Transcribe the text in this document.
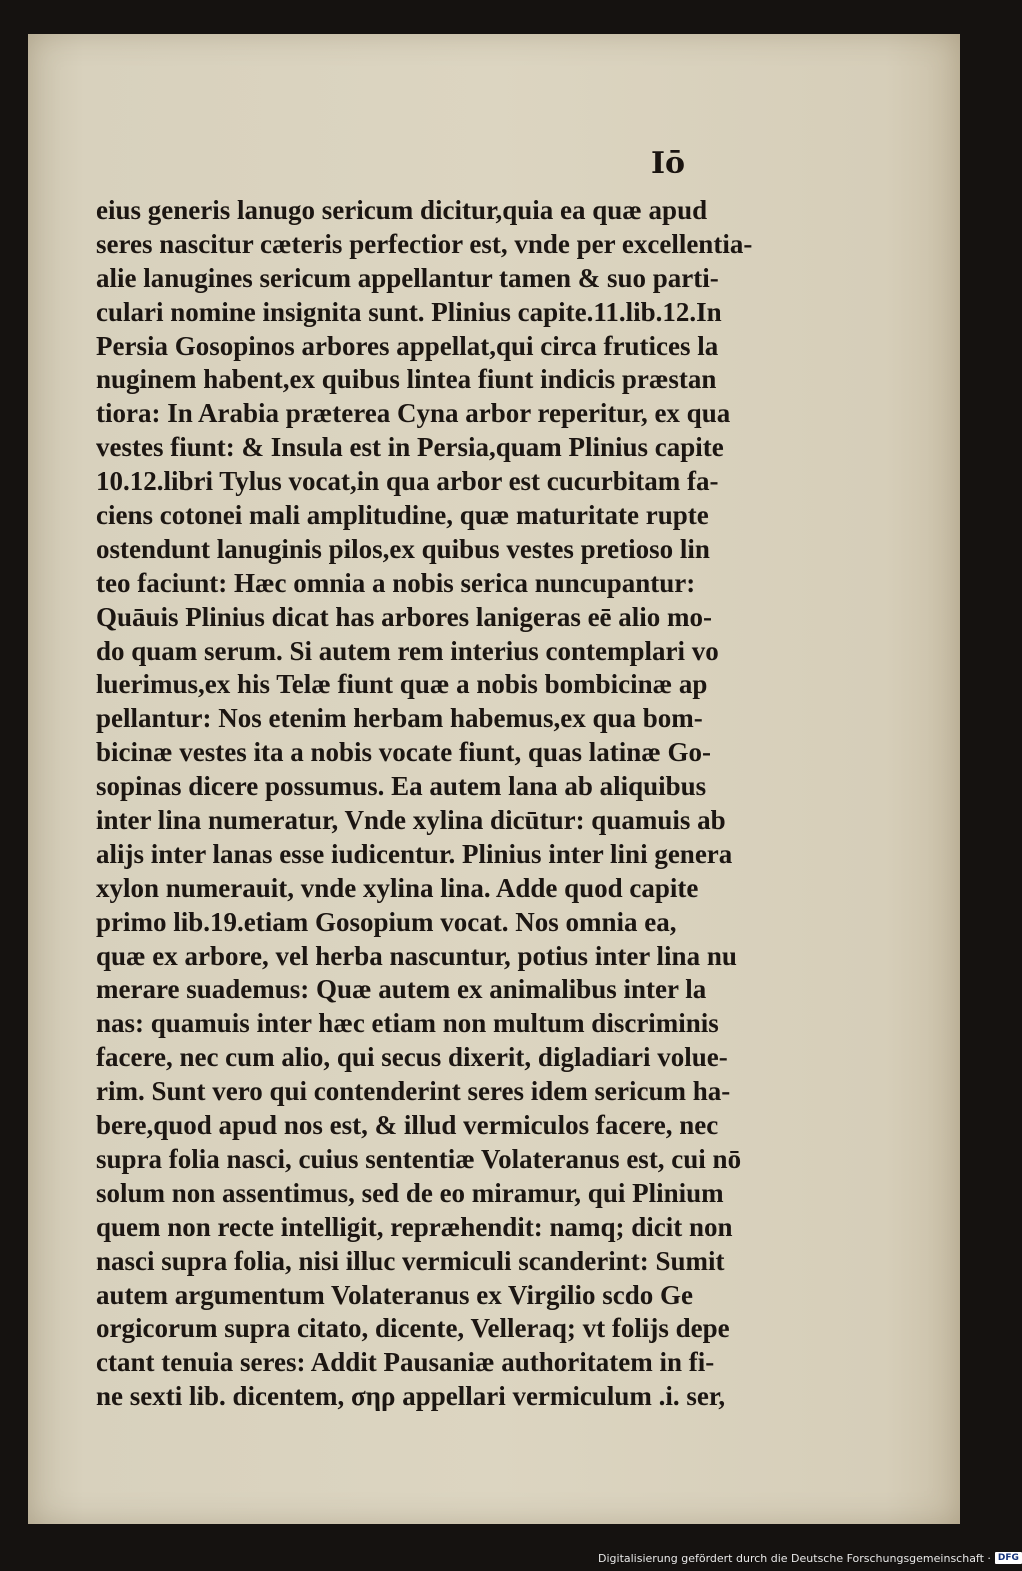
Iō
eius generis lanugo sericum dicitur,quia ea quæ apud
seres nascitur cæteris perfectior est, vnde per excellentia-
alie lanugines sericum appellantur tamen & suo parti-
culari nomine insignita sunt. Plinius capite.11.lib.12.In
Persia Gosopinos arbores appellat,qui circa frutices la
nuginem habent,ex quibus lintea fiunt indicis præstan
tiora: In Arabia præterea Cyna arbor reperitur, ex qua
vestes fiunt: & Insula est in Persia,quam Plinius capite
10.12.libri Tylus vocat,in qua arbor est cucurbitam fa-
ciens cotonei mali amplitudine, quæ maturitate rupte
ostendunt lanuginis pilos,ex quibus vestes pretioso lin
teo faciunt: Hæc omnia a nobis serica nuncupantur:
Quāuis Plinius dicat has arbores lanigeras eē alio mo-
do quam serum. Si autem rem interius contemplari vo
luerimus,ex his Telæ fiunt quæ a nobis bombicinæ ap
pellantur: Nos etenim herbam habemus,ex qua bom-
bicinæ vestes ita a nobis vocate fiunt, quas latinæ Go-
sopinas dicere possumus. Ea autem lana ab aliquibus
inter lina numeratur, Vnde xylina dicūtur: quamuis ab
alijs inter lanas esse iudicentur. Plinius inter lini genera
xylon numerauit, vnde xylina lina. Adde quod capite
primo lib.19.etiam Gosopium vocat. Nos omnia ea,
quæ ex arbore, vel herba nascuntur, potius inter lina nu
merare suademus: Quæ autem ex animalibus inter la
nas: quamuis inter hæc etiam non multum discriminis
facere, nec cum alio, qui secus dixerit, digladiari volue-
rim. Sunt vero qui contenderint seres idem sericum ha-
bere,quod apud nos est, & illud vermiculos facere, nec
supra folia nasci, cuius sententiæ Volateranus est, cui nō
solum non assentimus, sed de eo miramur, qui Plinium
quem non recte intelligit, repræhendit: namq; dicit non
nasci supra folia, nisi illuc vermiculi scanderint: Sumit
autem argumentum Volateranus ex Virgilio scdo Ge
orgicorum supra citato, dicente, Velleraq; vt folijs depe
ctant tenuia seres: Addit Pausaniæ authoritatem in fi-
ne sexti lib. dicentem, σηρ appellari vermiculum .i. ser,
Digitalisierung gefördert durch die Deutsche Forschungsgemeinschaft · DFG
